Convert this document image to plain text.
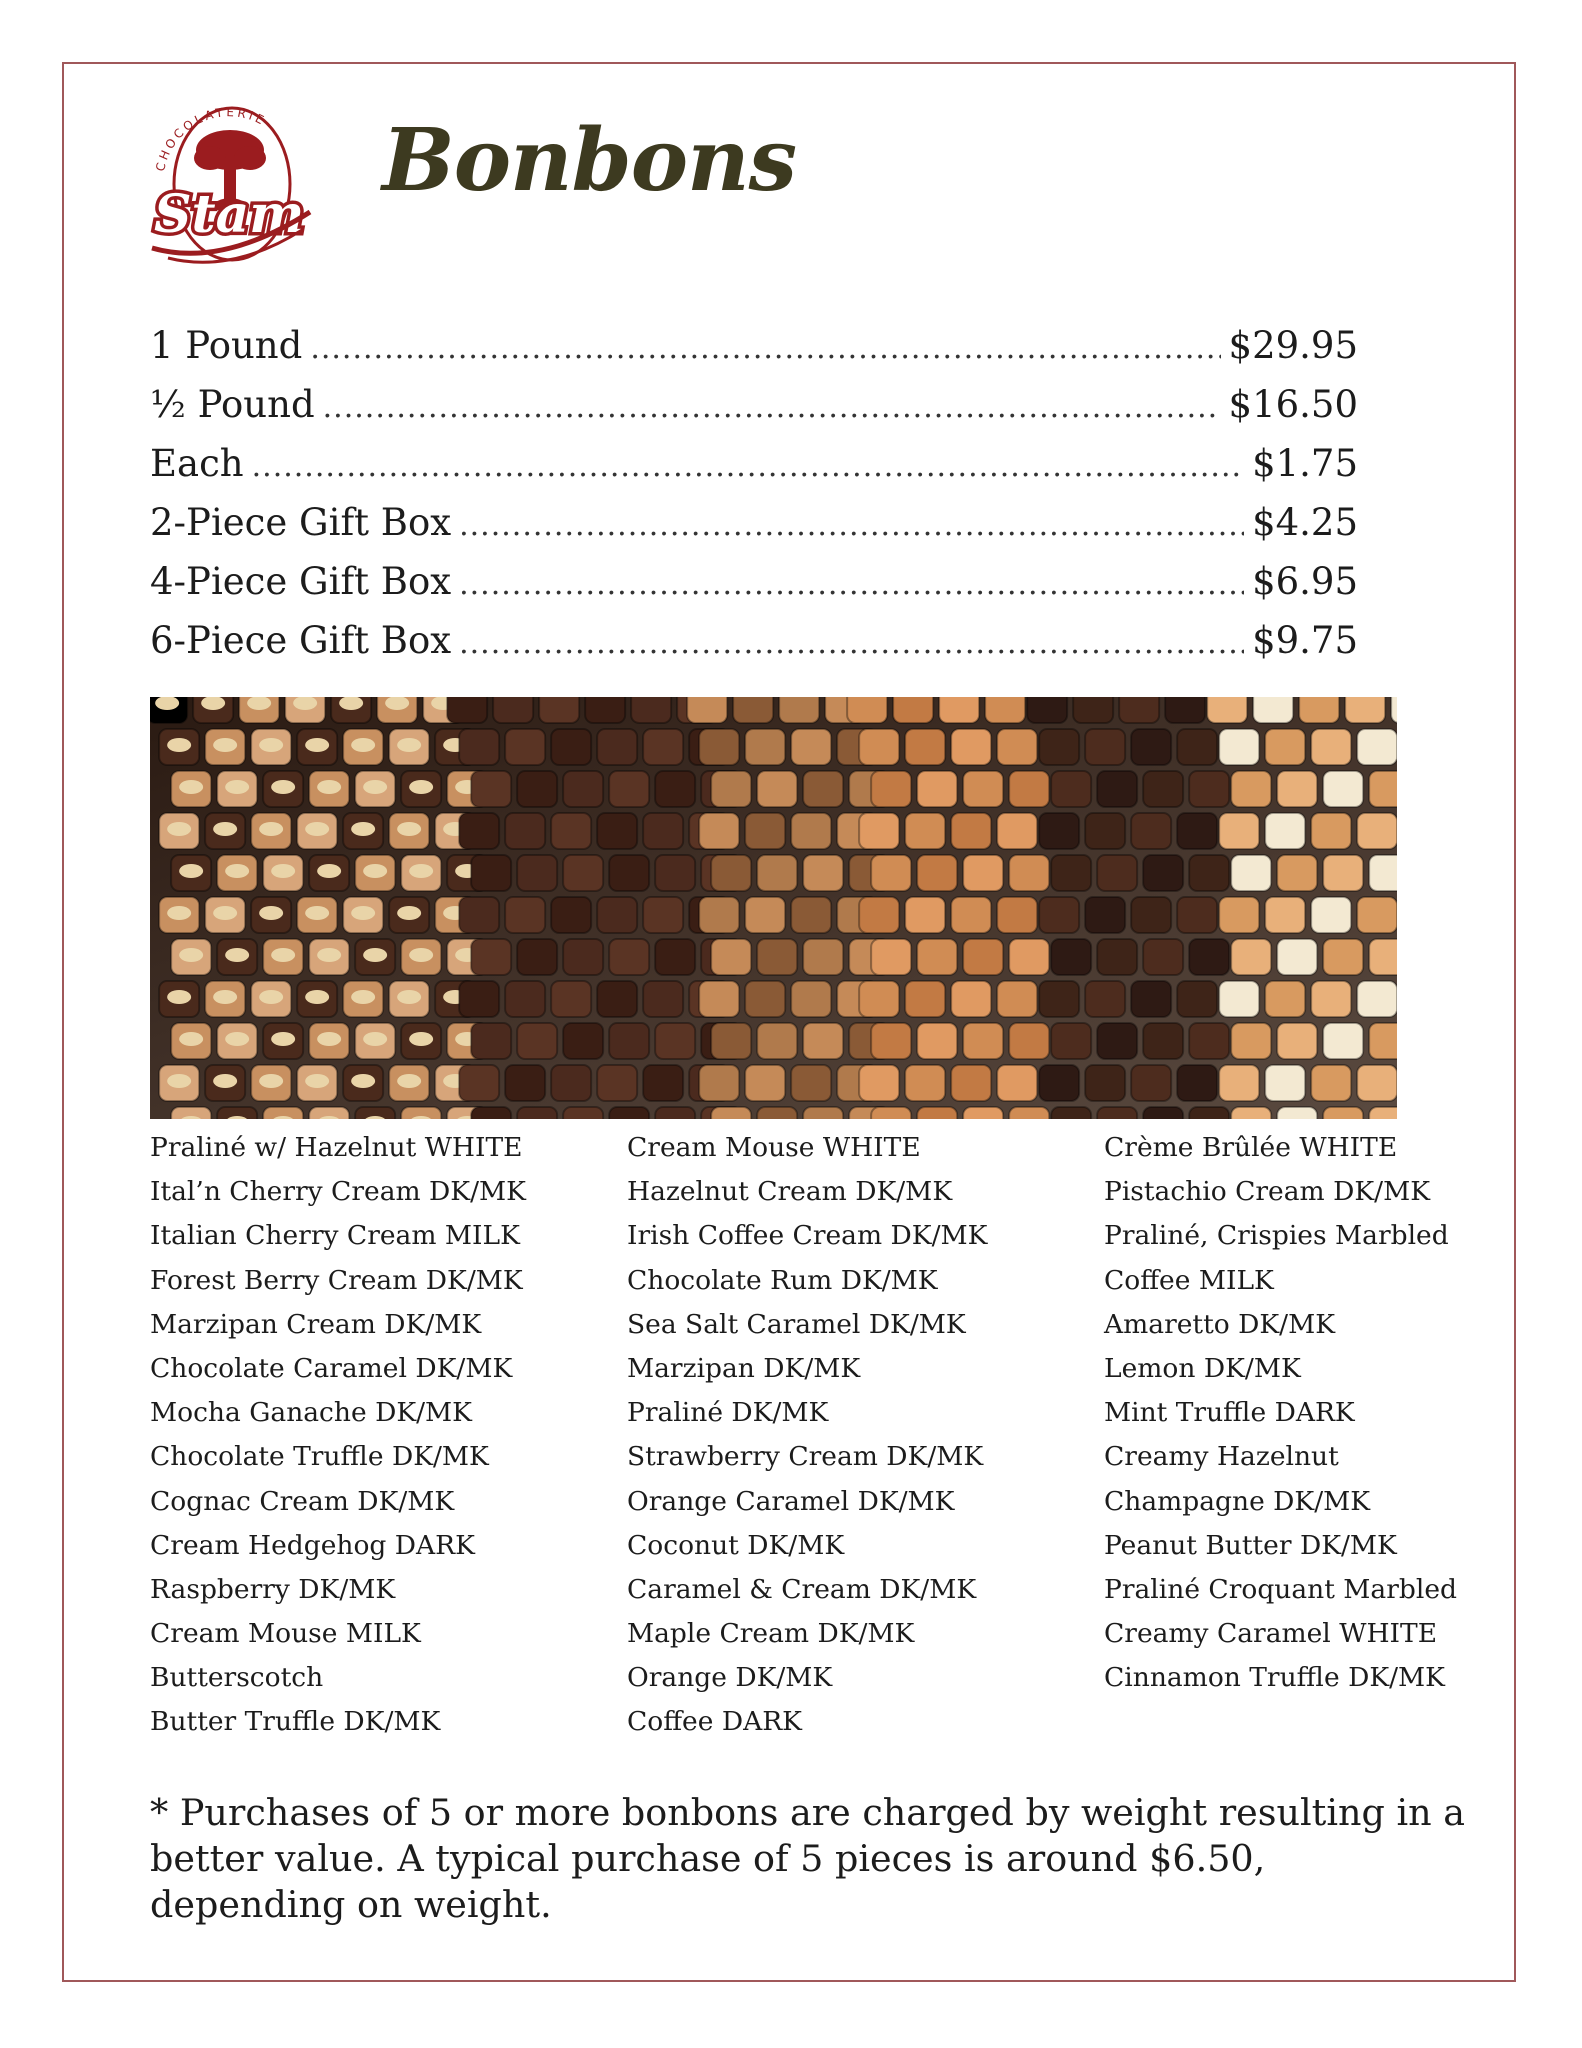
CHOCOLATERIE
Stam
Bonbons
1 Pound .....	$29.95
½ Pound .....	$16.50
Each .....	$1.75
2-Piece Gift Box .....	$4.25
4-Piece Gift Box .....	$6.95
6-Piece Gift Box .....	$9.75
Praliné w/ Hazelnut WHITE
Ital’n Cherry Cream DK/MK
Italian Cherry Cream MILK
Forest Berry Cream DK/MK
Marzipan Cream DK/MK
Chocolate Caramel DK/MK
Mocha Ganache DK/MK
Chocolate Truffle DK/MK
Cognac Cream DK/MK
Cream Hedgehog DARK
Raspberry DK/MK
Cream Mouse MILK
Butterscotch
Butter Truffle DK/MK
Cream Mouse WHITE
Hazelnut Cream DK/MK
Irish Coffee Cream DK/MK
Chocolate Rum DK/MK
Sea Salt Caramel DK/MK
Marzipan DK/MK
Praliné DK/MK
Strawberry Cream DK/MK
Orange Caramel DK/MK
Coconut DK/MK
Caramel & Cream DK/MK
Maple Cream DK/MK
Orange DK/MK
Coffee DARK
Crème Brûlée WHITE
Pistachio Cream DK/MK
Praliné, Crispies Marbled
Coffee MILK
Amaretto DK/MK
Lemon DK/MK
Mint Truffle DARK
Creamy Hazelnut
Champagne DK/MK
Peanut Butter DK/MK
Praliné Croquant Marbled
Creamy Caramel WHITE
Cinnamon Truffle DK/MK
* Purchases of 5 or more bonbons are charged by weight resulting in a better value. A typical purchase of 5 pieces is around $6.50, depending on weight.
